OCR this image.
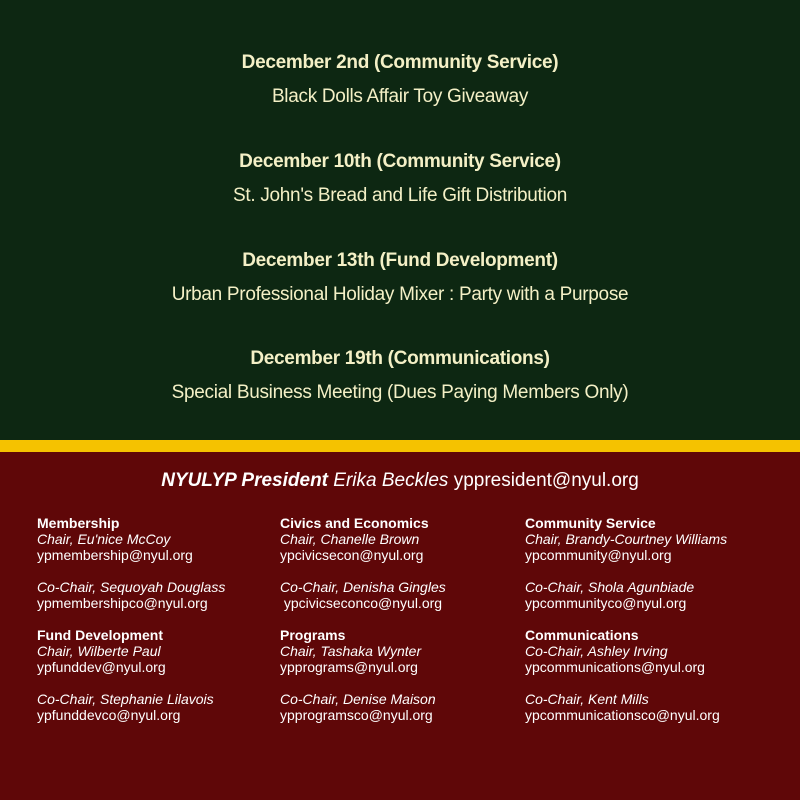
December 2nd (Community Service)
Black Dolls Affair Toy Giveaway
December 10th (Community Service)
St. John's Bread and Life Gift Distribution
December 13th (Fund Development)
Urban Professional Holiday Mixer : Party with a Purpose
December 19th (Communications)
Special Business Meeting (Dues Paying Members Only)
NYULYP President Erika Beckles yppresident@nyul.org
Membership
Chair, Eu'nice McCoy
ypmembership@nyul.org
Co-Chair, Sequoyah Douglass
ypmembershipco@nyul.org
Civics and Economics
Chair, Chanelle Brown
ypcivicsecon@nyul.org
Co-Chair, Denisha Gingles
ypcivicseconco@nyul.org
Community Service
Chair, Brandy-Courtney Williams
ypcommunity@nyul.org
Co-Chair, Shola Agunbiade
ypcommunityco@nyul.org
Fund Development
Chair, Wilberte Paul
ypfunddev@nyul.org
Co-Chair, Stephanie Lilavois
ypfunddevco@nyul.org
Programs
Chair, Tashaka Wynter
ypprograms@nyul.org
Co-Chair, Denise Maison
ypprogramsco@nyul.org
Communications
Co-Chair, Ashley Irving
ypcommunications@nyul.org
Co-Chair, Kent Mills
ypcommunicationsco@nyul.org
